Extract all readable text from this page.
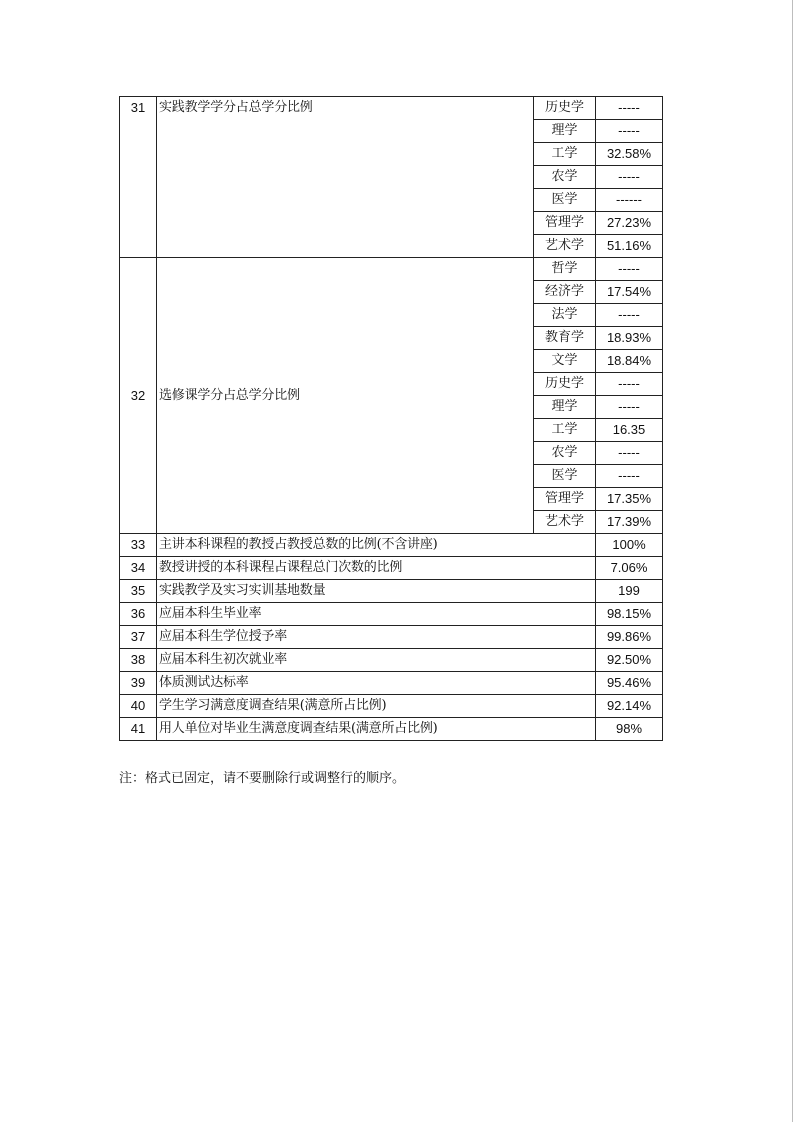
31	实践教学学分占总学分比例	历史学	-----
		理学	-----
		工学	32.58%
		农学	-----
		医学	------
		管理学	27.23%
		艺术学	51.16%
32	选修课学分占总学分比例	哲学	-----
		经济学	17.54%
		法学	-----
		教育学	18.93%
		文学	18.84%
		历史学	-----
		理学	-----
		工学	16.35
		农学	-----
		医学	-----
		管理学	17.35%
		艺术学	17.39%
33	主讲本科课程的教授占教授总数的比例(不含讲座)		100%
34	教授讲授的本科课程占课程总门次数的比例		7.06%
35	实践教学及实习实训基地数量		199
36	应届本科生毕业率		98.15%
37	应届本科生学位授予率		99.86%
38	应届本科生初次就业率		92.50%
39	体质测试达标率		95.46%
40	学生学习满意度调查结果(满意所占比例)		92.14%
41	用人单位对毕业生满意度调查结果(满意所占比例)		98%
注：格式已固定，请不要删除行或调整行的顺序。
